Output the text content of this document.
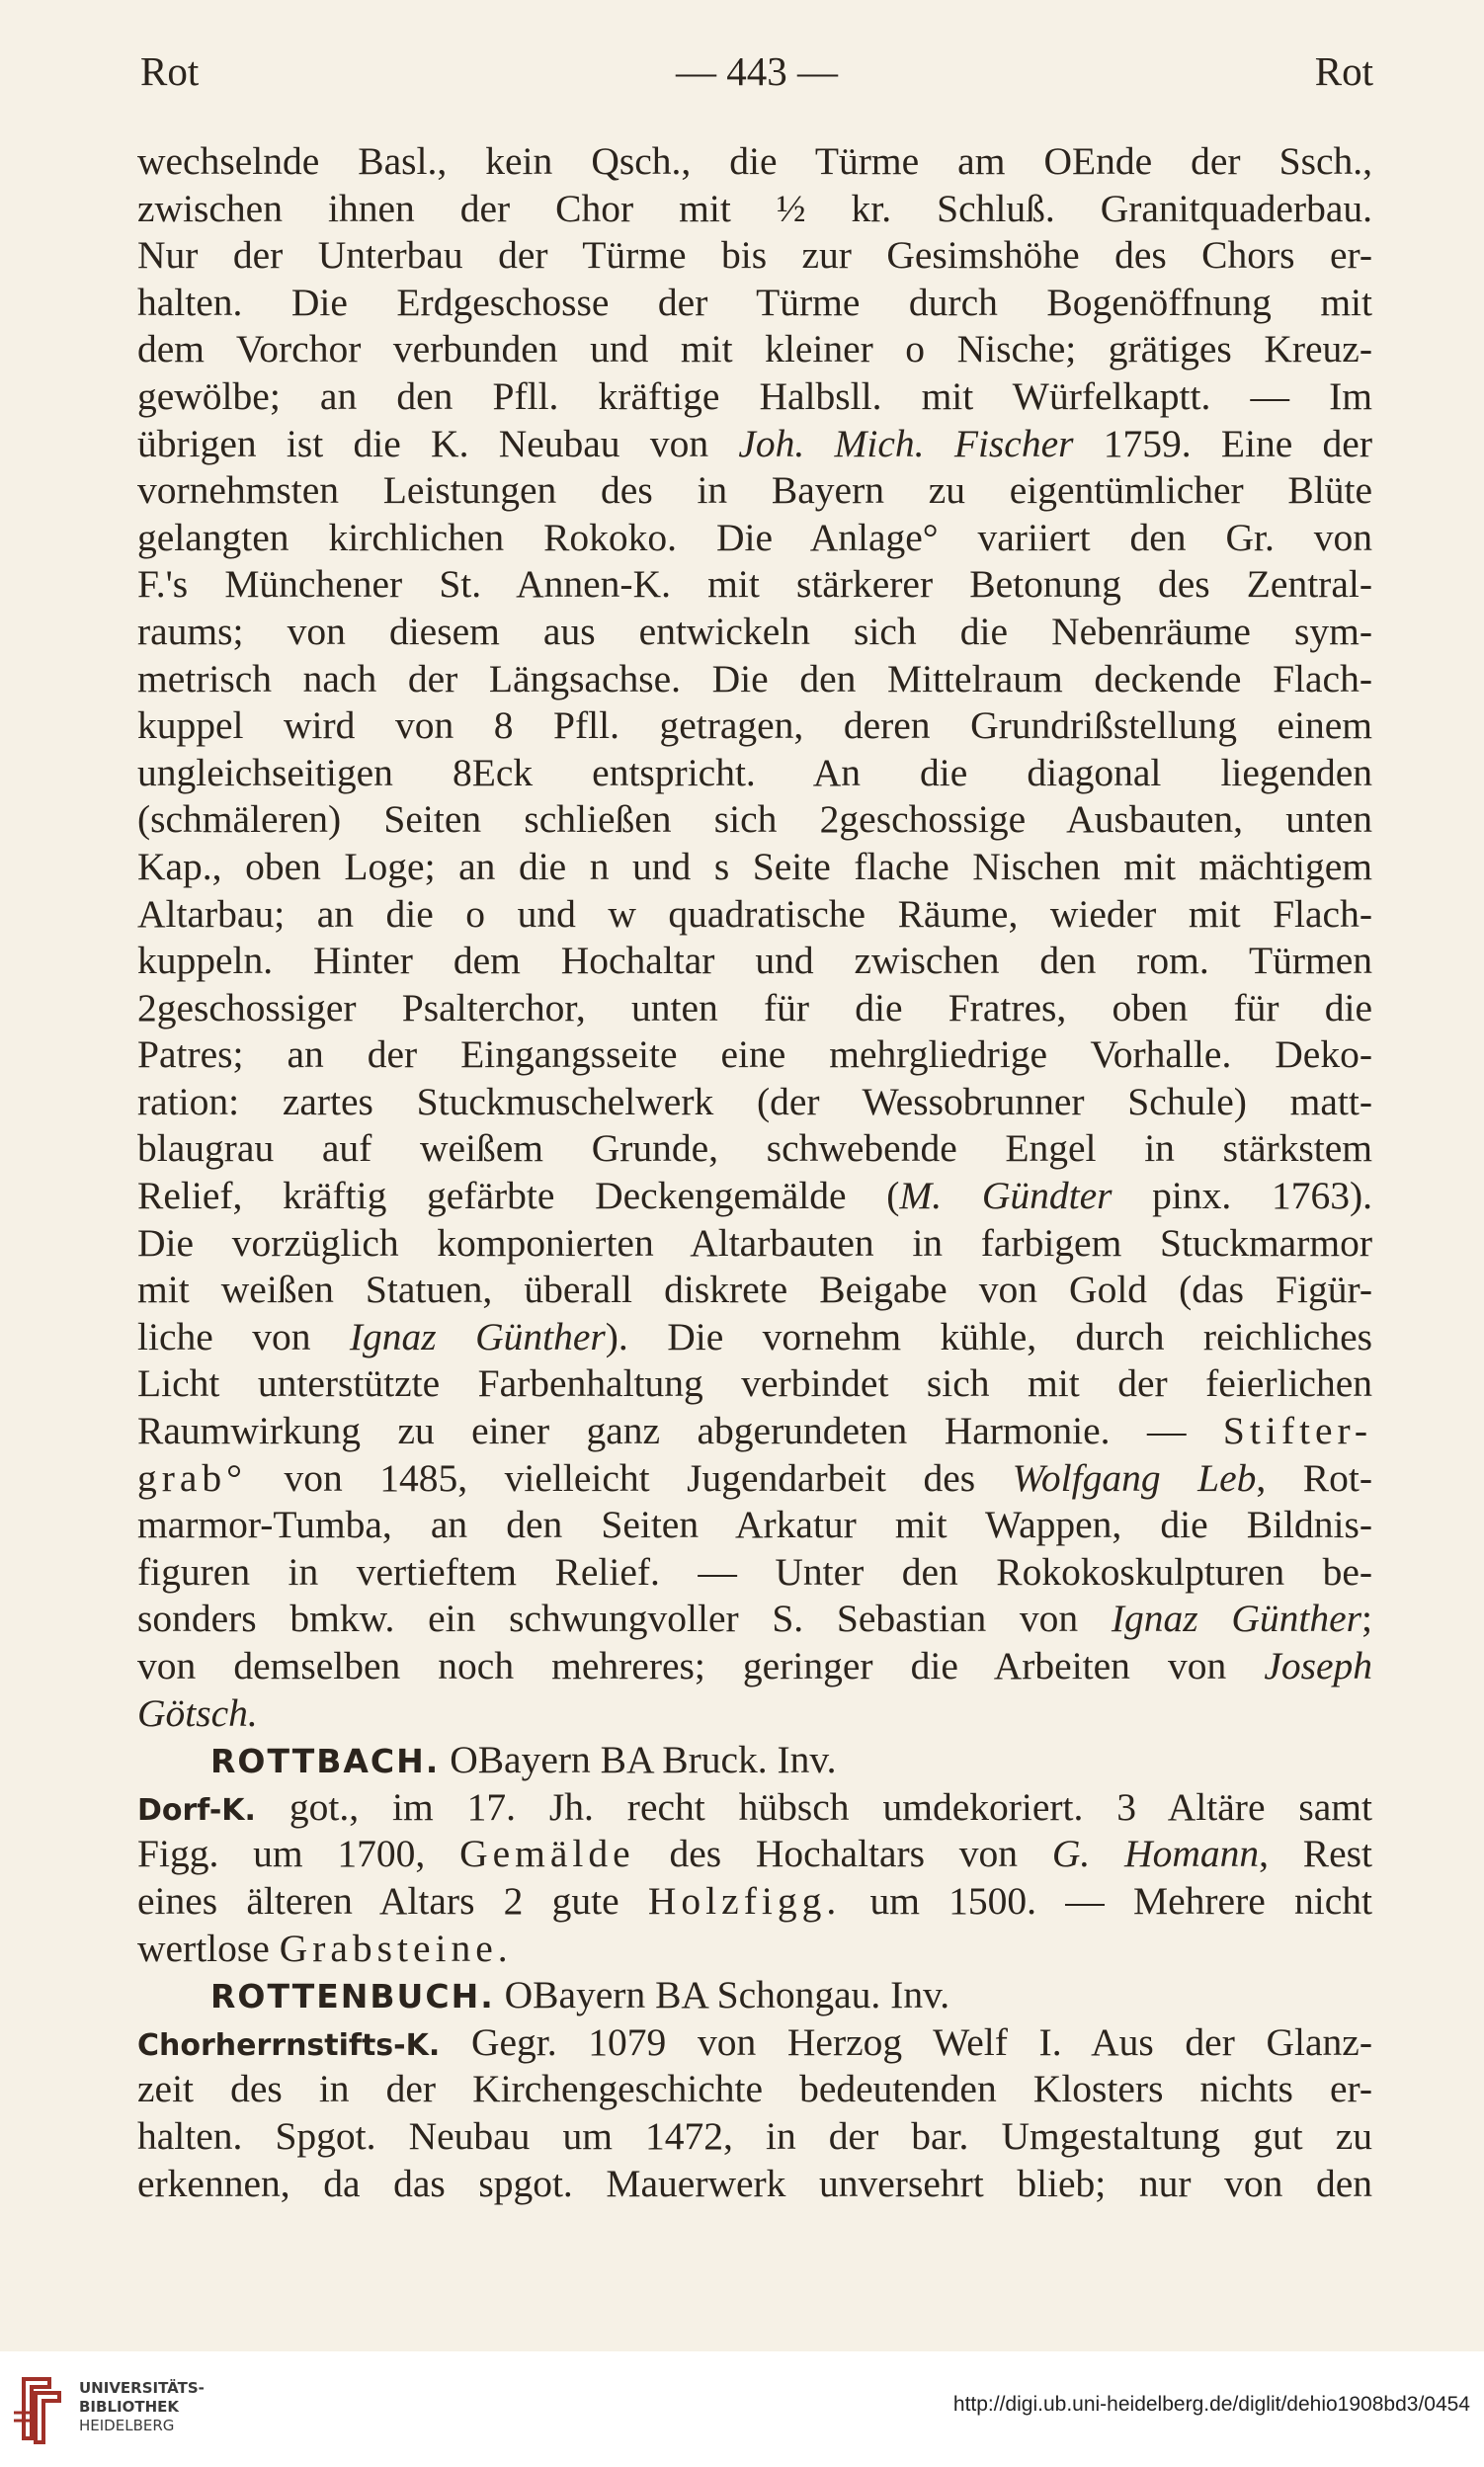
Rot	— 443 —	Rot
wechselnde Basl., kein Qsch., die Türme am OEnde der Ssch.,
zwischen ihnen der Chor mit ½ kr. Schluß. Granitquaderbau.
Nur der Unterbau der Türme bis zur Gesimshöhe des Chors er-
halten. Die Erdgeschosse der Türme durch Bogenöffnung mit
dem Vorchor verbunden und mit kleiner o Nische; grätiges Kreuz-
gewölbe; an den Pfll. kräftige Halbsll. mit Würfelkaptt. — Im
übrigen ist die K. Neubau von Joh. Mich. Fischer 1759. Eine der
vornehmsten Leistungen des in Bayern zu eigentümlicher Blüte
gelangten kirchlichen Rokoko. Die Anlage° variiert den Gr. von
F.'s Münchener St. Annen-K. mit stärkerer Betonung des Zentral-
raums; von diesem aus entwickeln sich die Nebenräume sym-
metrisch nach der Längsachse. Die den Mittelraum deckende Flach-
kuppel wird von 8 Pfll. getragen, deren Grundrißstellung einem
ungleichseitigen 8Eck entspricht. An die diagonal liegenden
(schmäleren) Seiten schließen sich 2geschossige Ausbauten, unten
Kap., oben Loge; an die n und s Seite flache Nischen mit mächtigem
Altarbau; an die o und w quadratische Räume, wieder mit Flach-
kuppeln. Hinter dem Hochaltar und zwischen den rom. Türmen
2geschossiger Psalterchor, unten für die Fratres, oben für die
Patres; an der Eingangsseite eine mehrgliedrige Vorhalle. Deko-
ration: zartes Stuckmuschelwerk (der Wessobrunner Schule) matt-
blaugrau auf weißem Grunde, schwebende Engel in stärkstem
Relief, kräftig gefärbte Deckengemälde (M. Gündter pinx. 1763).
Die vorzüglich komponierten Altarbauten in farbigem Stuckmarmor
mit weißen Statuen, überall diskrete Beigabe von Gold (das Figür-
liche von Ignaz Günther). Die vornehm kühle, durch reichliches
Licht unterstützte Farbenhaltung verbindet sich mit der feierlichen
Raumwirkung zu einer ganz abgerundeten Harmonie. — Stifter-
grab° von 1485, vielleicht Jugendarbeit des Wolfgang Leb, Rot-
marmor-Tumba, an den Seiten Arkatur mit Wappen, die Bildnis-
figuren in vertieftem Relief. — Unter den Rokokoskulpturen be-
sonders bmkw. ein schwungvoller S. Sebastian von Ignaz Günther;
von demselben noch mehreres; geringer die Arbeiten von Joseph
Götsch.
ROTTBACH. OBayern BA Bruck. Inv.
Dorf-K. got., im 17. Jh. recht hübsch umdekoriert. 3 Altäre samt
Figg. um 1700, Gemälde des Hochaltars von G. Homann, Rest
eines älteren Altars 2 gute Holzfigg. um 1500. — Mehrere nicht
wertlose Grabsteine.
ROTTENBUCH. OBayern BA Schongau. Inv.
Chorherrnstifts-K. Gegr. 1079 von Herzog Welf I. Aus der Glanz-
zeit des in der Kirchengeschichte bedeutenden Klosters nichts er-
halten. Spgot. Neubau um 1472, in der bar. Umgestaltung gut zu
erkennen, da das spgot. Mauerwerk unversehrt blieb; nur von den
UNIVERSITÄTS-
BIBLIOTHEK
HEIDELBERG
http://digi.ub.uni-heidelberg.de/diglit/dehio1908bd3/0454
